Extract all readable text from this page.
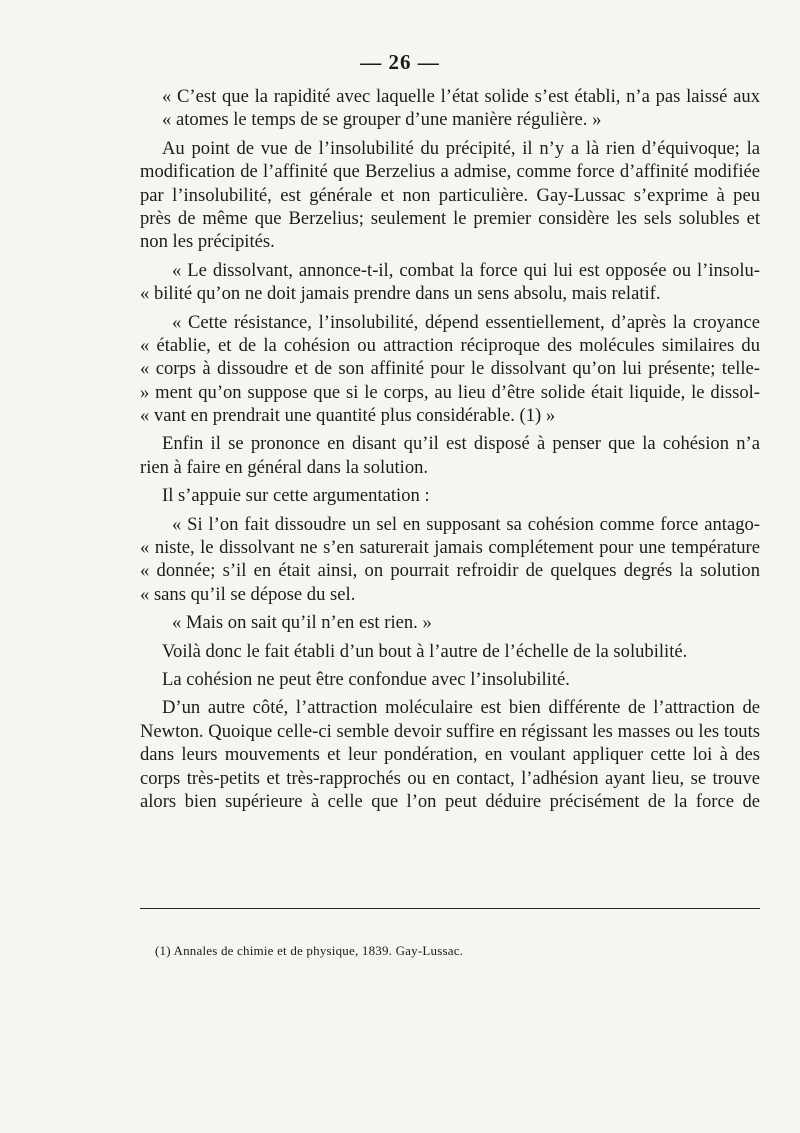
— 26 —
« C’est que la rapidité avec laquelle l’état solide s’est établi, n’a pas laissé aux
« atomes le temps de se grouper d’une manière régulière. »
Au point de vue de l’insolubilité du précipité, il n’y a là rien d’équivoque; la
modification de l’affinité que Berzelius a admise, comme force d’affinité modifiée
par l’insolubilité, est générale et non particulière. Gay-Lussac s’exprime à peu
près de même que Berzelius; seulement le premier considère les sels solubles et
non les précipités.
« Le dissolvant, annonce-t-il, combat la force qui lui est opposée ou l’insolu-
« bilité qu’on ne doit jamais prendre dans un sens absolu, mais relatif.
« Cette résistance, l’insolubilité, dépend essentiellement, d’après la croyance
« établie, et de la cohésion ou attraction réciproque des molécules similaires du
« corps à dissoudre et de son affinité pour le dissolvant qu’on lui présente; telle-
» ment qu’on suppose que si le corps, au lieu d’être solide était liquide, le dissol-
« vant en prendrait une quantité plus considérable. (1) »
Enfin il se prononce en disant qu’il est disposé à penser que la cohésion n’a
rien à faire en général dans la solution.
Il s’appuie sur cette argumentation :
« Si l’on fait dissoudre un sel en supposant sa cohésion comme force antago-
« niste, le dissolvant ne s’en saturerait jamais complétement pour une température
« donnée; s’il en était ainsi, on pourrait refroidir de quelques degrés la solution
« sans qu’il se dépose du sel.
« Mais on sait qu’il n’en est rien. »
Voilà donc le fait établi d’un bout à l’autre de l’échelle de la solubilité.
La cohésion ne peut être confondue avec l’insolubilité.
D’un autre côté, l’attraction moléculaire est bien différente de l’attraction de
Newton. Quoique celle-ci semble devoir suffire en régissant les masses ou les touts
dans leurs mouvements et leur pondération, en voulant appliquer cette loi à des
corps très-petits et très-rapprochés ou en contact, l’adhésion ayant lieu, se trouve
alors bien supérieure à celle que l’on peut déduire précisément de la force de
(1) Annales de chimie et de physique, 1839. Gay-Lussac.
